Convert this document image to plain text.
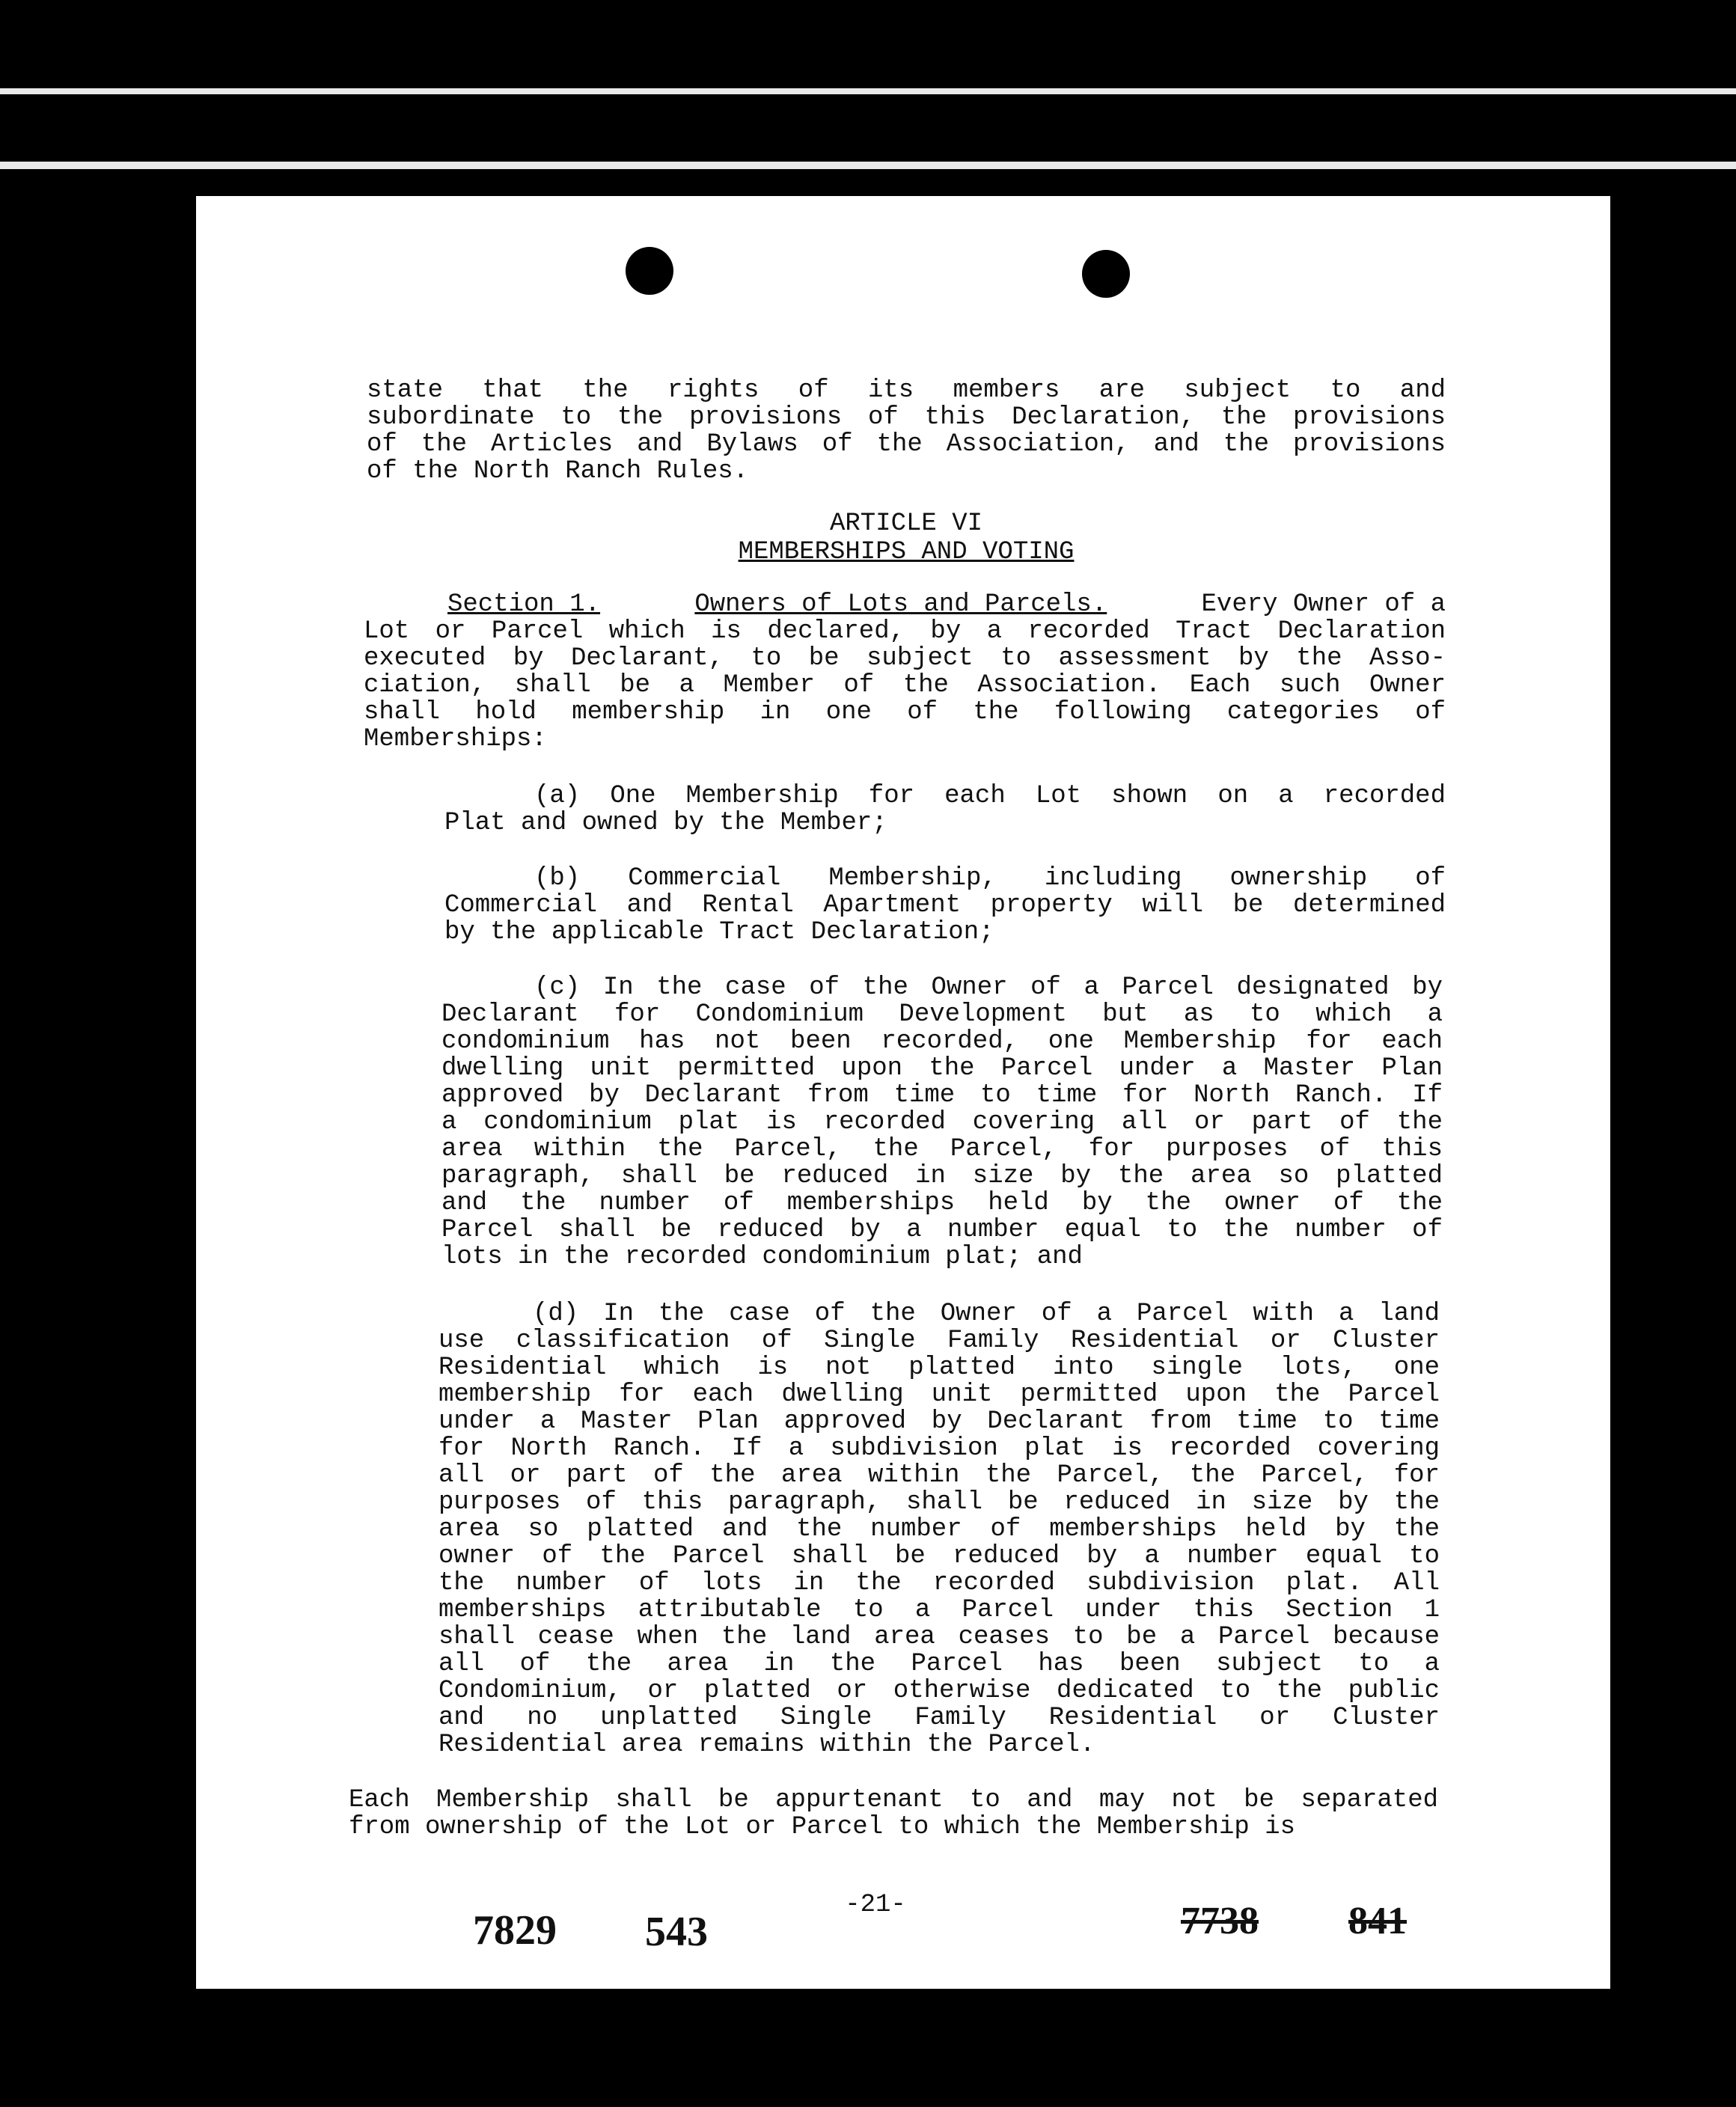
state that the rights of its members are subject to and
subordinate to the provisions of this Declaration, the provisions
of the Articles and Bylaws of the Association, and the provisions
of the North Ranch Rules.
ARTICLE VI
MEMBERSHIPS AND VOTING
Section 1.	Owners of Lots and Parcels.	Every Owner of a
Lot or Parcel which is declared, by a recorded Tract Declaration
executed by Declarant, to be subject to assessment by the Asso-
ciation, shall be a Member of the Association. Each such Owner
shall hold membership in one of the following categories of
Memberships:
(a) One Membership for each Lot shown on a recorded
Plat and owned by the Member;
(b) Commercial Membership, including ownership of
Commercial and Rental Apartment property will be determined
by the applicable Tract Declaration;
(c) In the case of the Owner of a Parcel designated by
Declarant for Condominium Development but as to which a
condominium has not been recorded, one Membership for each
dwelling unit permitted upon the Parcel under a Master Plan
approved by Declarant from time to time for North Ranch. If
a condominium plat is recorded covering all or part of the
area within the Parcel, the Parcel, for purposes of this
paragraph, shall be reduced in size by the area so platted
and the number of memberships held by the owner of the
Parcel shall be reduced by a number equal to the number of
lots in the recorded condominium plat; and
(d) In the case of the Owner of a Parcel with a land
use classification of Single Family Residential or Cluster
Residential which is not platted into single lots, one
membership for each dwelling unit permitted upon the Parcel
under a Master Plan approved by Declarant from time to time
for North Ranch. If a subdivision plat is recorded covering
all or part of the area within the Parcel, the Parcel, for
purposes of this paragraph, shall be reduced in size by the
area so platted and the number of memberships held by the
owner of the Parcel shall be reduced by a number equal to
the number of lots in the recorded subdivision plat. All
memberships attributable to a Parcel under this Section 1
shall cease when the land area ceases to be a Parcel because
all of the area in the Parcel has been subject to a
Condominium, or platted or otherwise dedicated to the public
and no unplatted Single Family Residential or Cluster
Residential area remains within the Parcel.
Each Membership shall be appurtenant to and may not be separated
from ownership of the Lot or Parcel to which the Membership is
-21-
7829 543	7738 841
